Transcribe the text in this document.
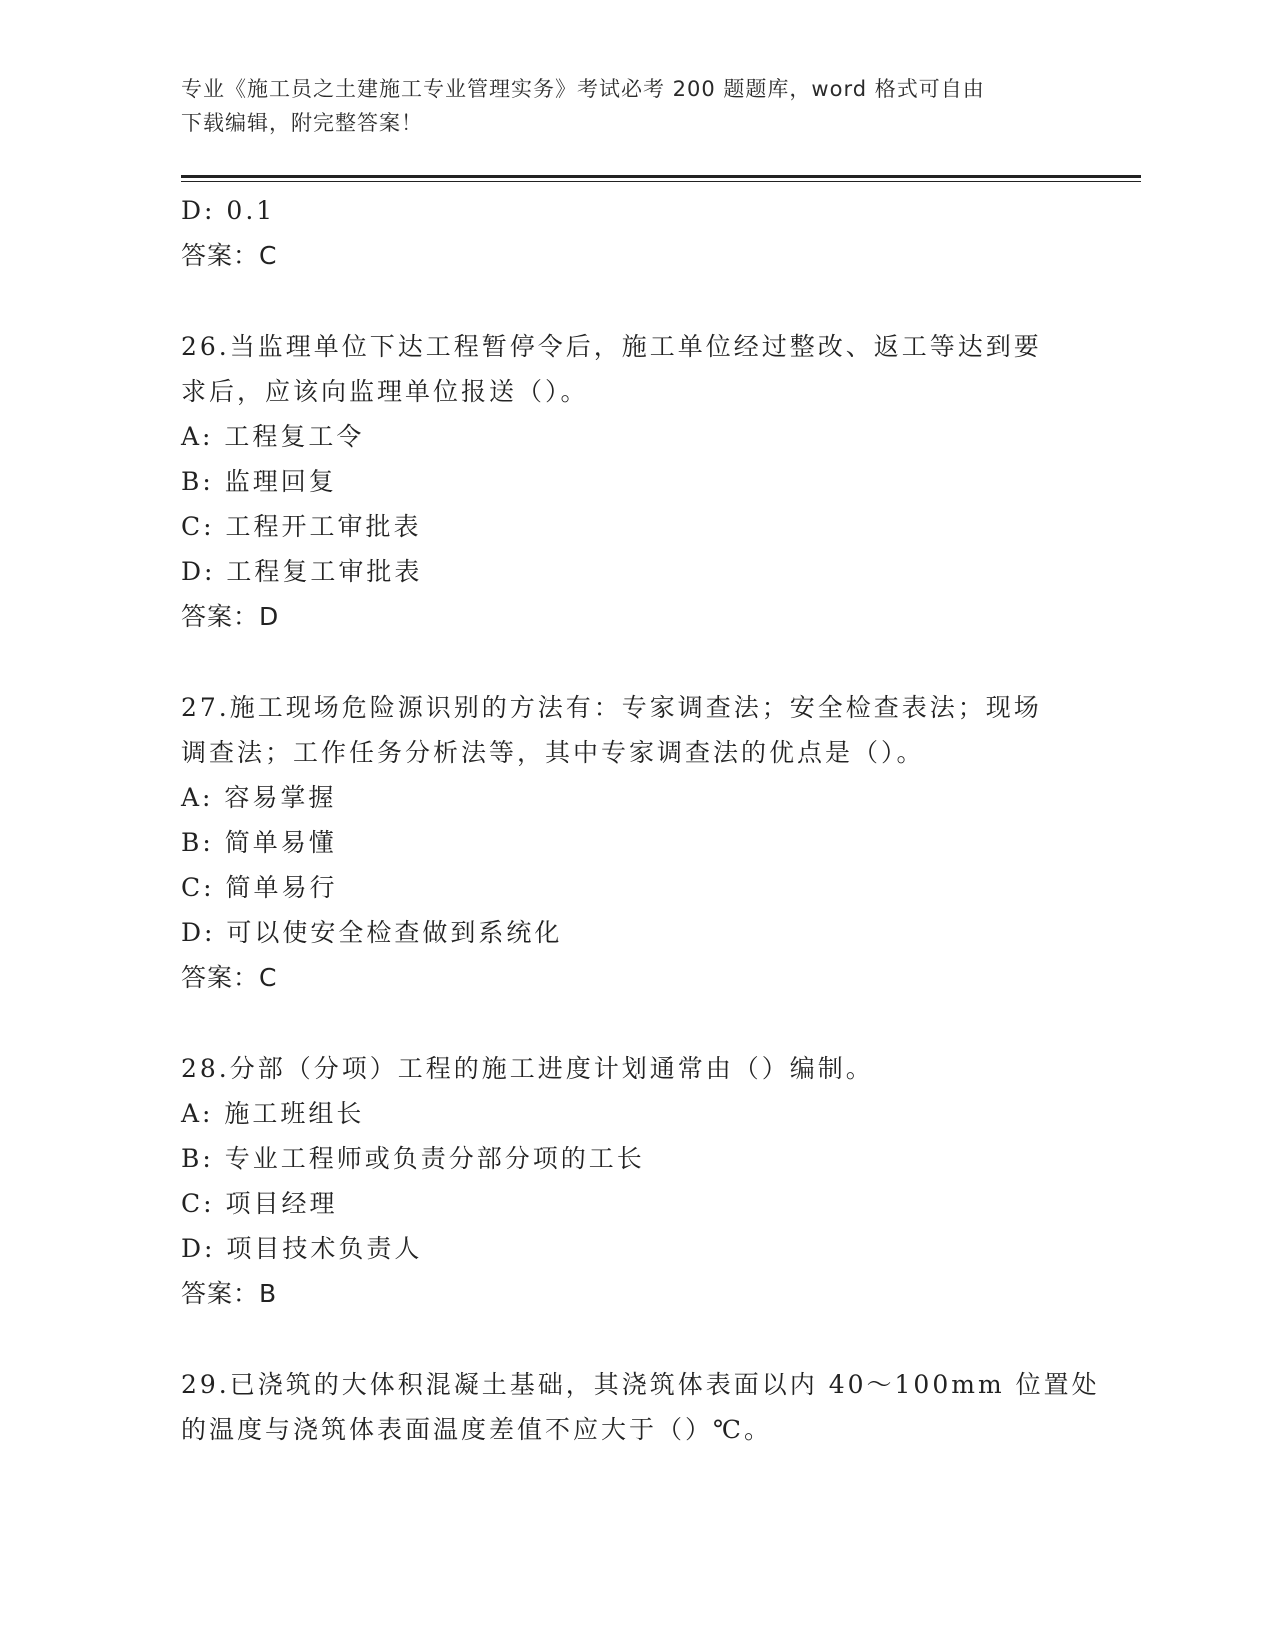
专业《施工员之土建施工专业管理实务》考试必考 200 题题库，word 格式可自由
下载编辑，附完整答案！
D: 0.1
答案：C
26.当监理单位下达工程暂停令后，施工单位经过整改、返工等达到要
求后，应该向监理单位报送（）。
A: 工程复工令
B: 监理回复
C: 工程开工审批表
D: 工程复工审批表
答案：D
27.施工现场危险源识别的方法有：专家调查法；安全检查表法；现场
调查法；工作任务分析法等，其中专家调查法的优点是（）。
A: 容易掌握
B: 简单易懂
C: 简单易行
D: 可以使安全检查做到系统化
答案：C
28.分部（分项）工程的施工进度计划通常由（）编制。
A: 施工班组长
B: 专业工程师或负责分部分项的工长
C: 项目经理
D: 项目技术负责人
答案：B
29.已浇筑的大体积混凝土基础，其浇筑体表面以内 40～100mm 位置处
的温度与浇筑体表面温度差值不应大于（）℃。
